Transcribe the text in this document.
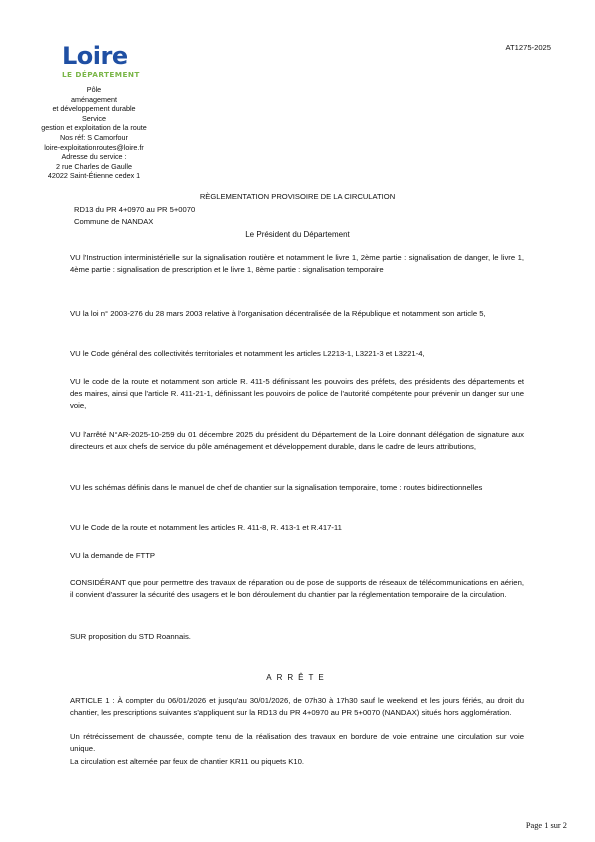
Loire
LE DÉPARTEMENT
AT1275-2025
Pôle
aménagement
et développement durable
Service
gestion et exploitation de la route
Nos réf: S Camorfour
loire-exploitationroutes@loire.fr
Adresse du service :
2 rue Charles de Gaulle
42022 Saint-Étienne cedex 1
RÈGLEMENTATION PROVISOIRE DE LA CIRCULATION
RD13 du PR 4+0970 au PR 5+0070
Commune de NANDAX
Le Président du Département
VU l'Instruction interministérielle sur la signalisation routière et notamment le livre 1, 2ème partie : signalisation de danger, le livre 1, 4ème partie : signalisation de prescription et le livre 1, 8ème partie : signalisation temporaire
VU la loi n° 2003-276 du 28 mars 2003 relative à l'organisation décentralisée de la République et notamment son article 5,
VU le Code général des collectivités territoriales et notamment les articles L2213-1, L3221-3 et L3221-4,
VU le code de la route et notamment son article R. 411-5 définissant les pouvoirs des préfets, des présidents des départements et des maires, ainsi que l'article R. 411-21-1, définissant les pouvoirs de police de l'autorité compétente pour prévenir un danger sur une voie,
VU l'arrêté N°AR-2025-10-259 du 01 décembre 2025 du président du Département de la Loire donnant délégation de signature aux directeurs et aux chefs de service du pôle aménagement et développement durable, dans le cadre de leurs attributions,
VU les schémas définis dans le manuel de chef de chantier sur la signalisation temporaire, tome : routes bidirectionnelles
VU le Code de la route et notamment les articles R. 411-8, R. 413-1 et R.417-11
VU la demande de FTTP
CONSIDÉRANT que pour permettre des travaux de réparation ou de pose de supports de réseaux de télécommunications en aérien, il convient d'assurer la sécurité des usagers et le bon déroulement du chantier par la réglementation temporaire de la circulation.
SUR proposition du STD Roannais.
ARRÊTE
ARTICLE 1 : À compter du 06/01/2026 et jusqu'au 30/01/2026, de 07h30 à 17h30 sauf le weekend et les jours fériés, au droit du chantier, les prescriptions suivantes s'appliquent sur la RD13 du PR 4+0970 au PR 5+0070 (NANDAX) situés hors agglomération.
Un rétrécissement de chaussée, compte tenu de la réalisation des travaux en bordure de voie entraine une circulation sur voie unique.
La circulation est alternée par feux de chantier KR11 ou piquets K10.
Page 1 sur 2
